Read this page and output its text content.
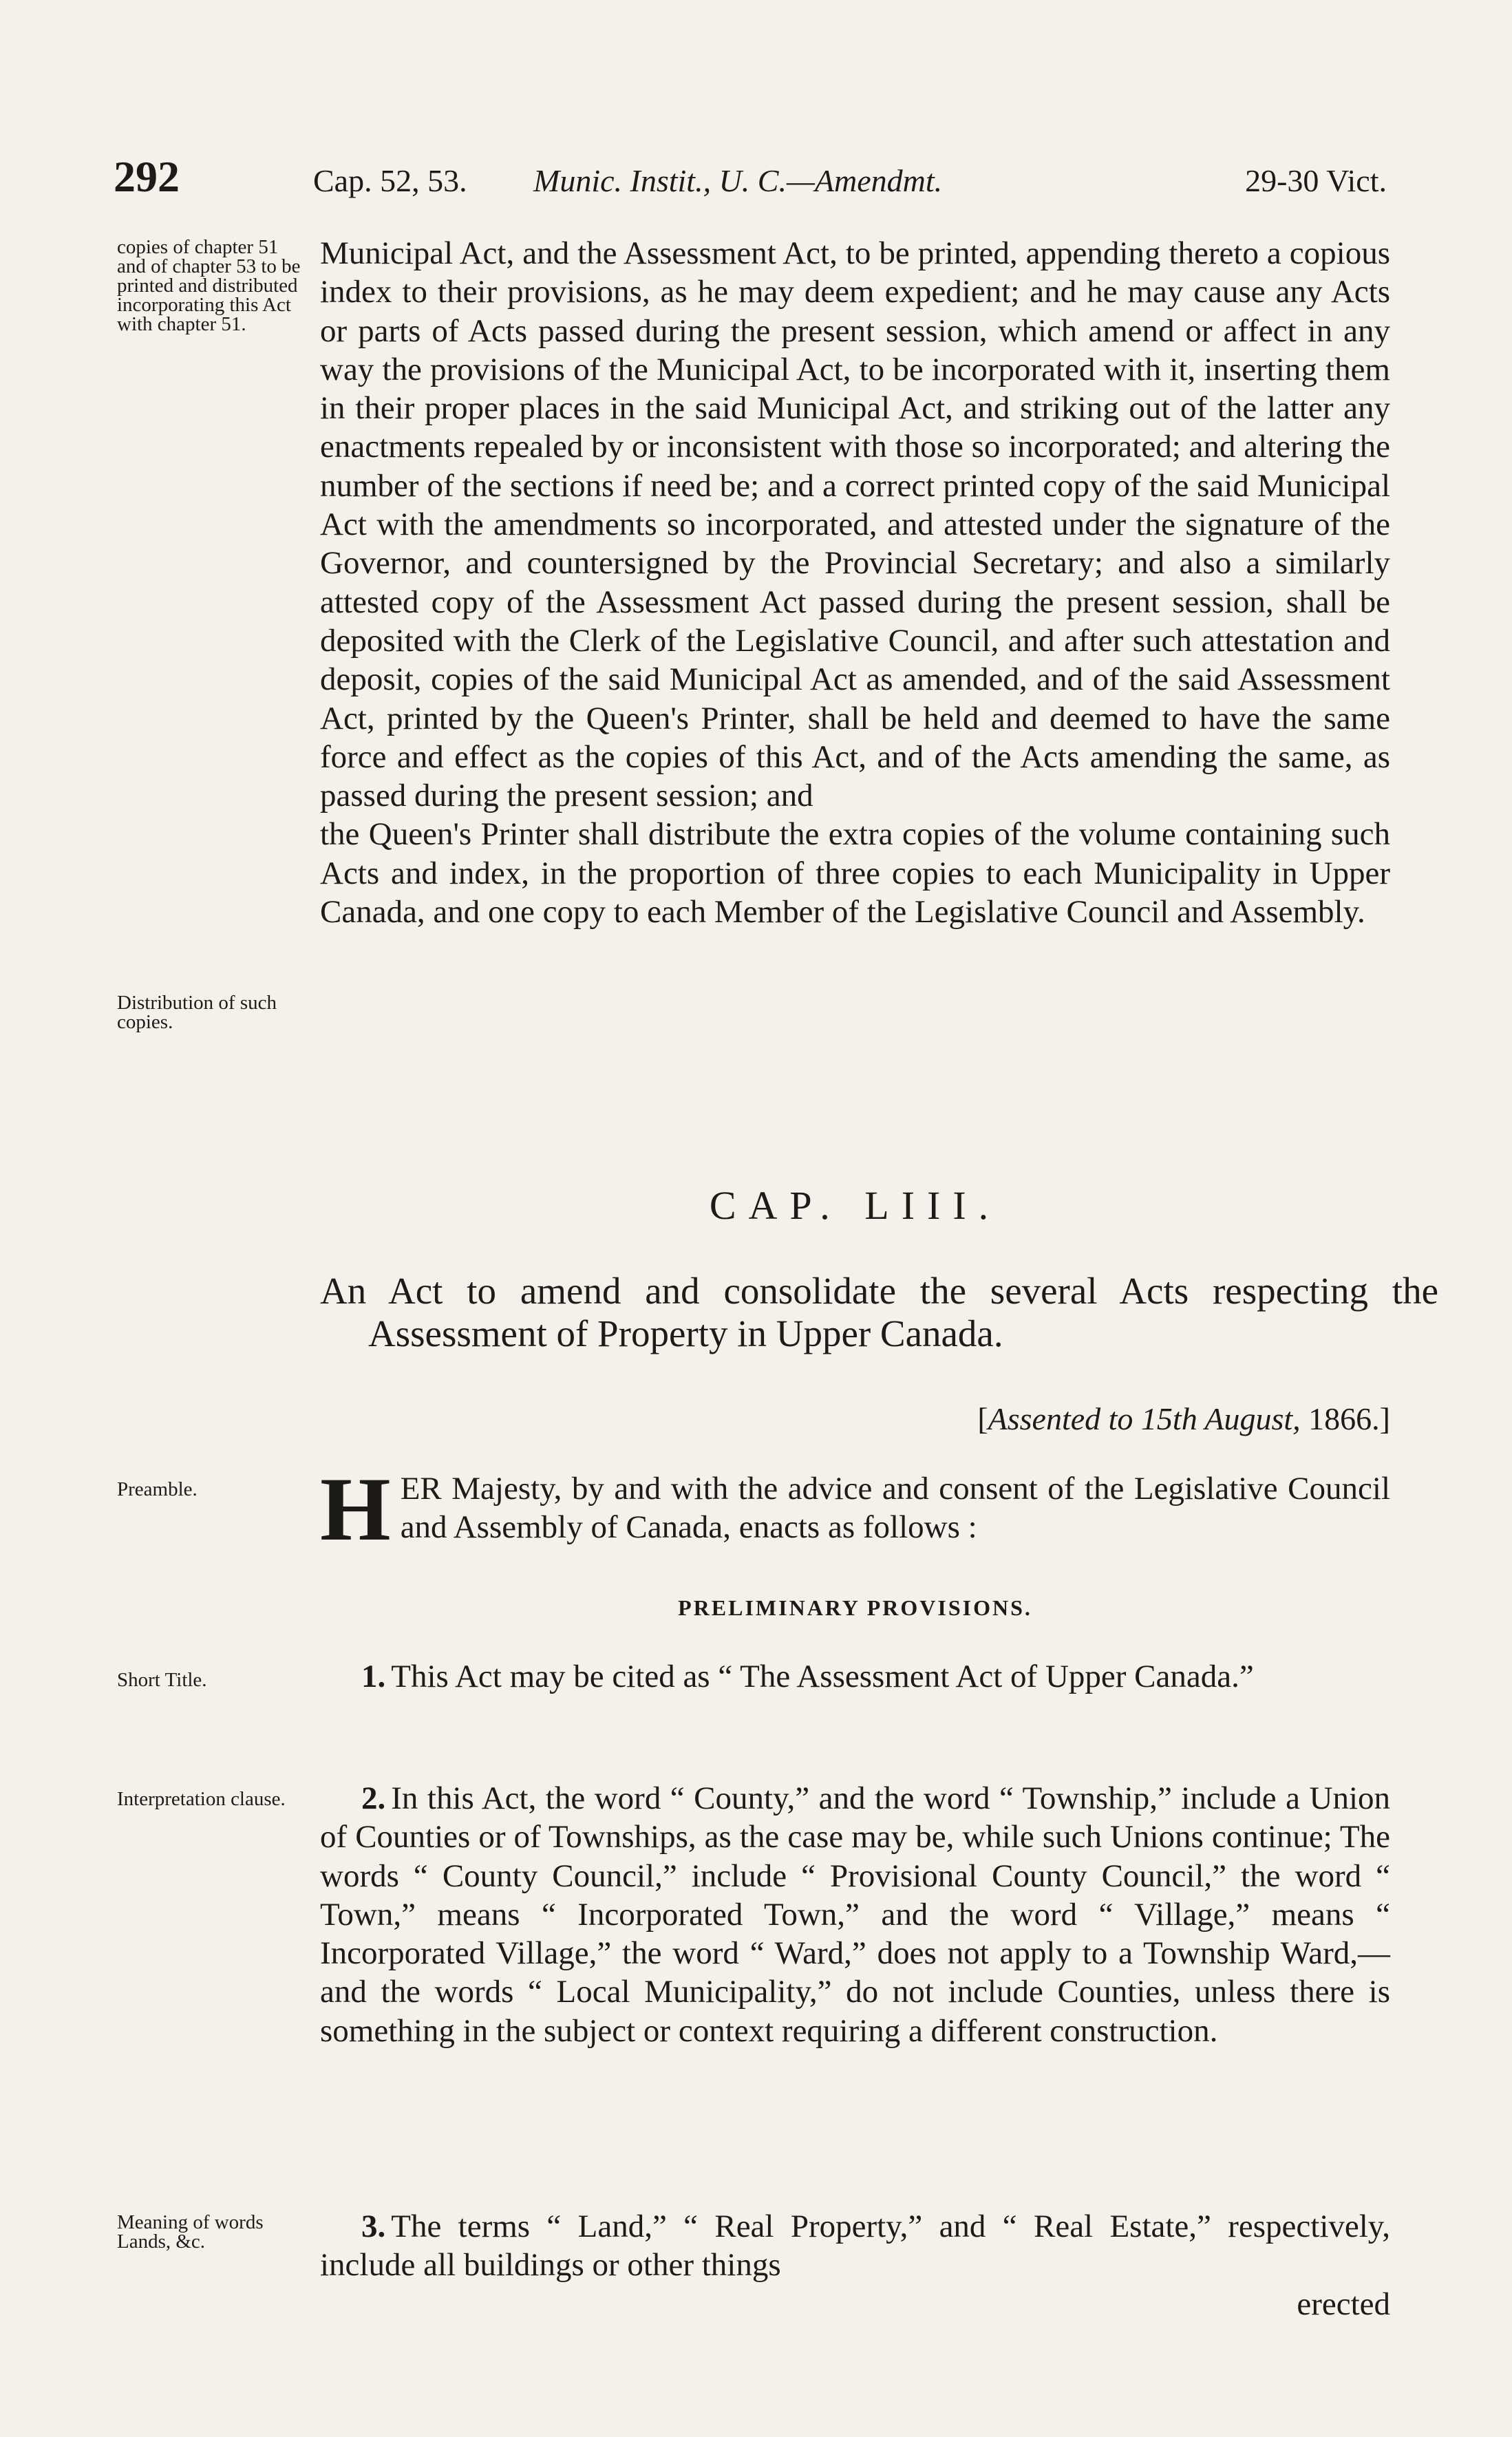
292	Cap. 52, 53.	Munic. Instit., U. C.—Amendmt.	29-30 Vict.
copies of chapter 51 and of chapter 53 to be printed and distributed incorporating this Act with chapter 51.
Distribution of such copies.
Preamble.
Short Title.
Interpretation clause.
Meaning of words Lands, &c.

Municipal Act, and the Assessment Act, to be printed, appending thereto a copious index to their provisions, as he may deem expedient; and he may cause any Acts or parts of Acts passed during the present session, which amend or affect in any way the provisions of the Municipal Act, to be incorporated with it, inserting them in their proper places in the said Municipal Act, and striking out of the latter any enactments repealed by or inconsistent with those so incorporated; and altering the number of the sections if need be; and a correct printed copy of the said Municipal Act with the amendments so incorporated, and attested under the signature of the Governor, and countersigned by the Provincial Secretary; and also a similarly attested copy of the Assessment Act passed during the present session, shall be deposited with the Clerk of the Legislative Council, and after such attestation and deposit, copies of the said Municipal Act as amended, and of the said Assessment Act, printed by the Queen's Printer, shall be held and deemed to have the same force and effect as the copies of this Act, and of the Acts amending the same, as passed during the present session; and

the Queen's Printer shall distribute the extra copies of the volume containing such Acts and index, in the proportion of three copies to each Municipality in Upper Canada, and one copy to each Member of the Legislative Council and Assembly.

CAP. LIII.
An Act to amend and consolidate the several Acts respecting the Assessment of Property in Upper Canada.
[Assented to 15th August, 1866.]

HER Majesty, by and with the advice and consent of the Legislative Council and Assembly of Canada, enacts as follows :

PRELIMINARY PROVISIONS.

1. This Act may be cited as “ The Assessment Act of Upper Canada.”

2. In this Act, the word “ County,” and the word “ Township,” include a Union of Counties or of Townships, as the case may be, while such Unions continue; The words “ County Council,” include “ Provisional County Council,” the word “ Town,” means “ Incorporated Town,” and the word “ Village,” means “ Incorporated Village,” the word “ Ward,” does not apply to a Township Ward,—and the words “ Local Municipality,” do not include Counties, unless there is something in the subject or context requiring a different construction.

3. The terms “ Land,” “ Real Property,” and “ Real Estate,” respectively, include all buildings or other things

erected
